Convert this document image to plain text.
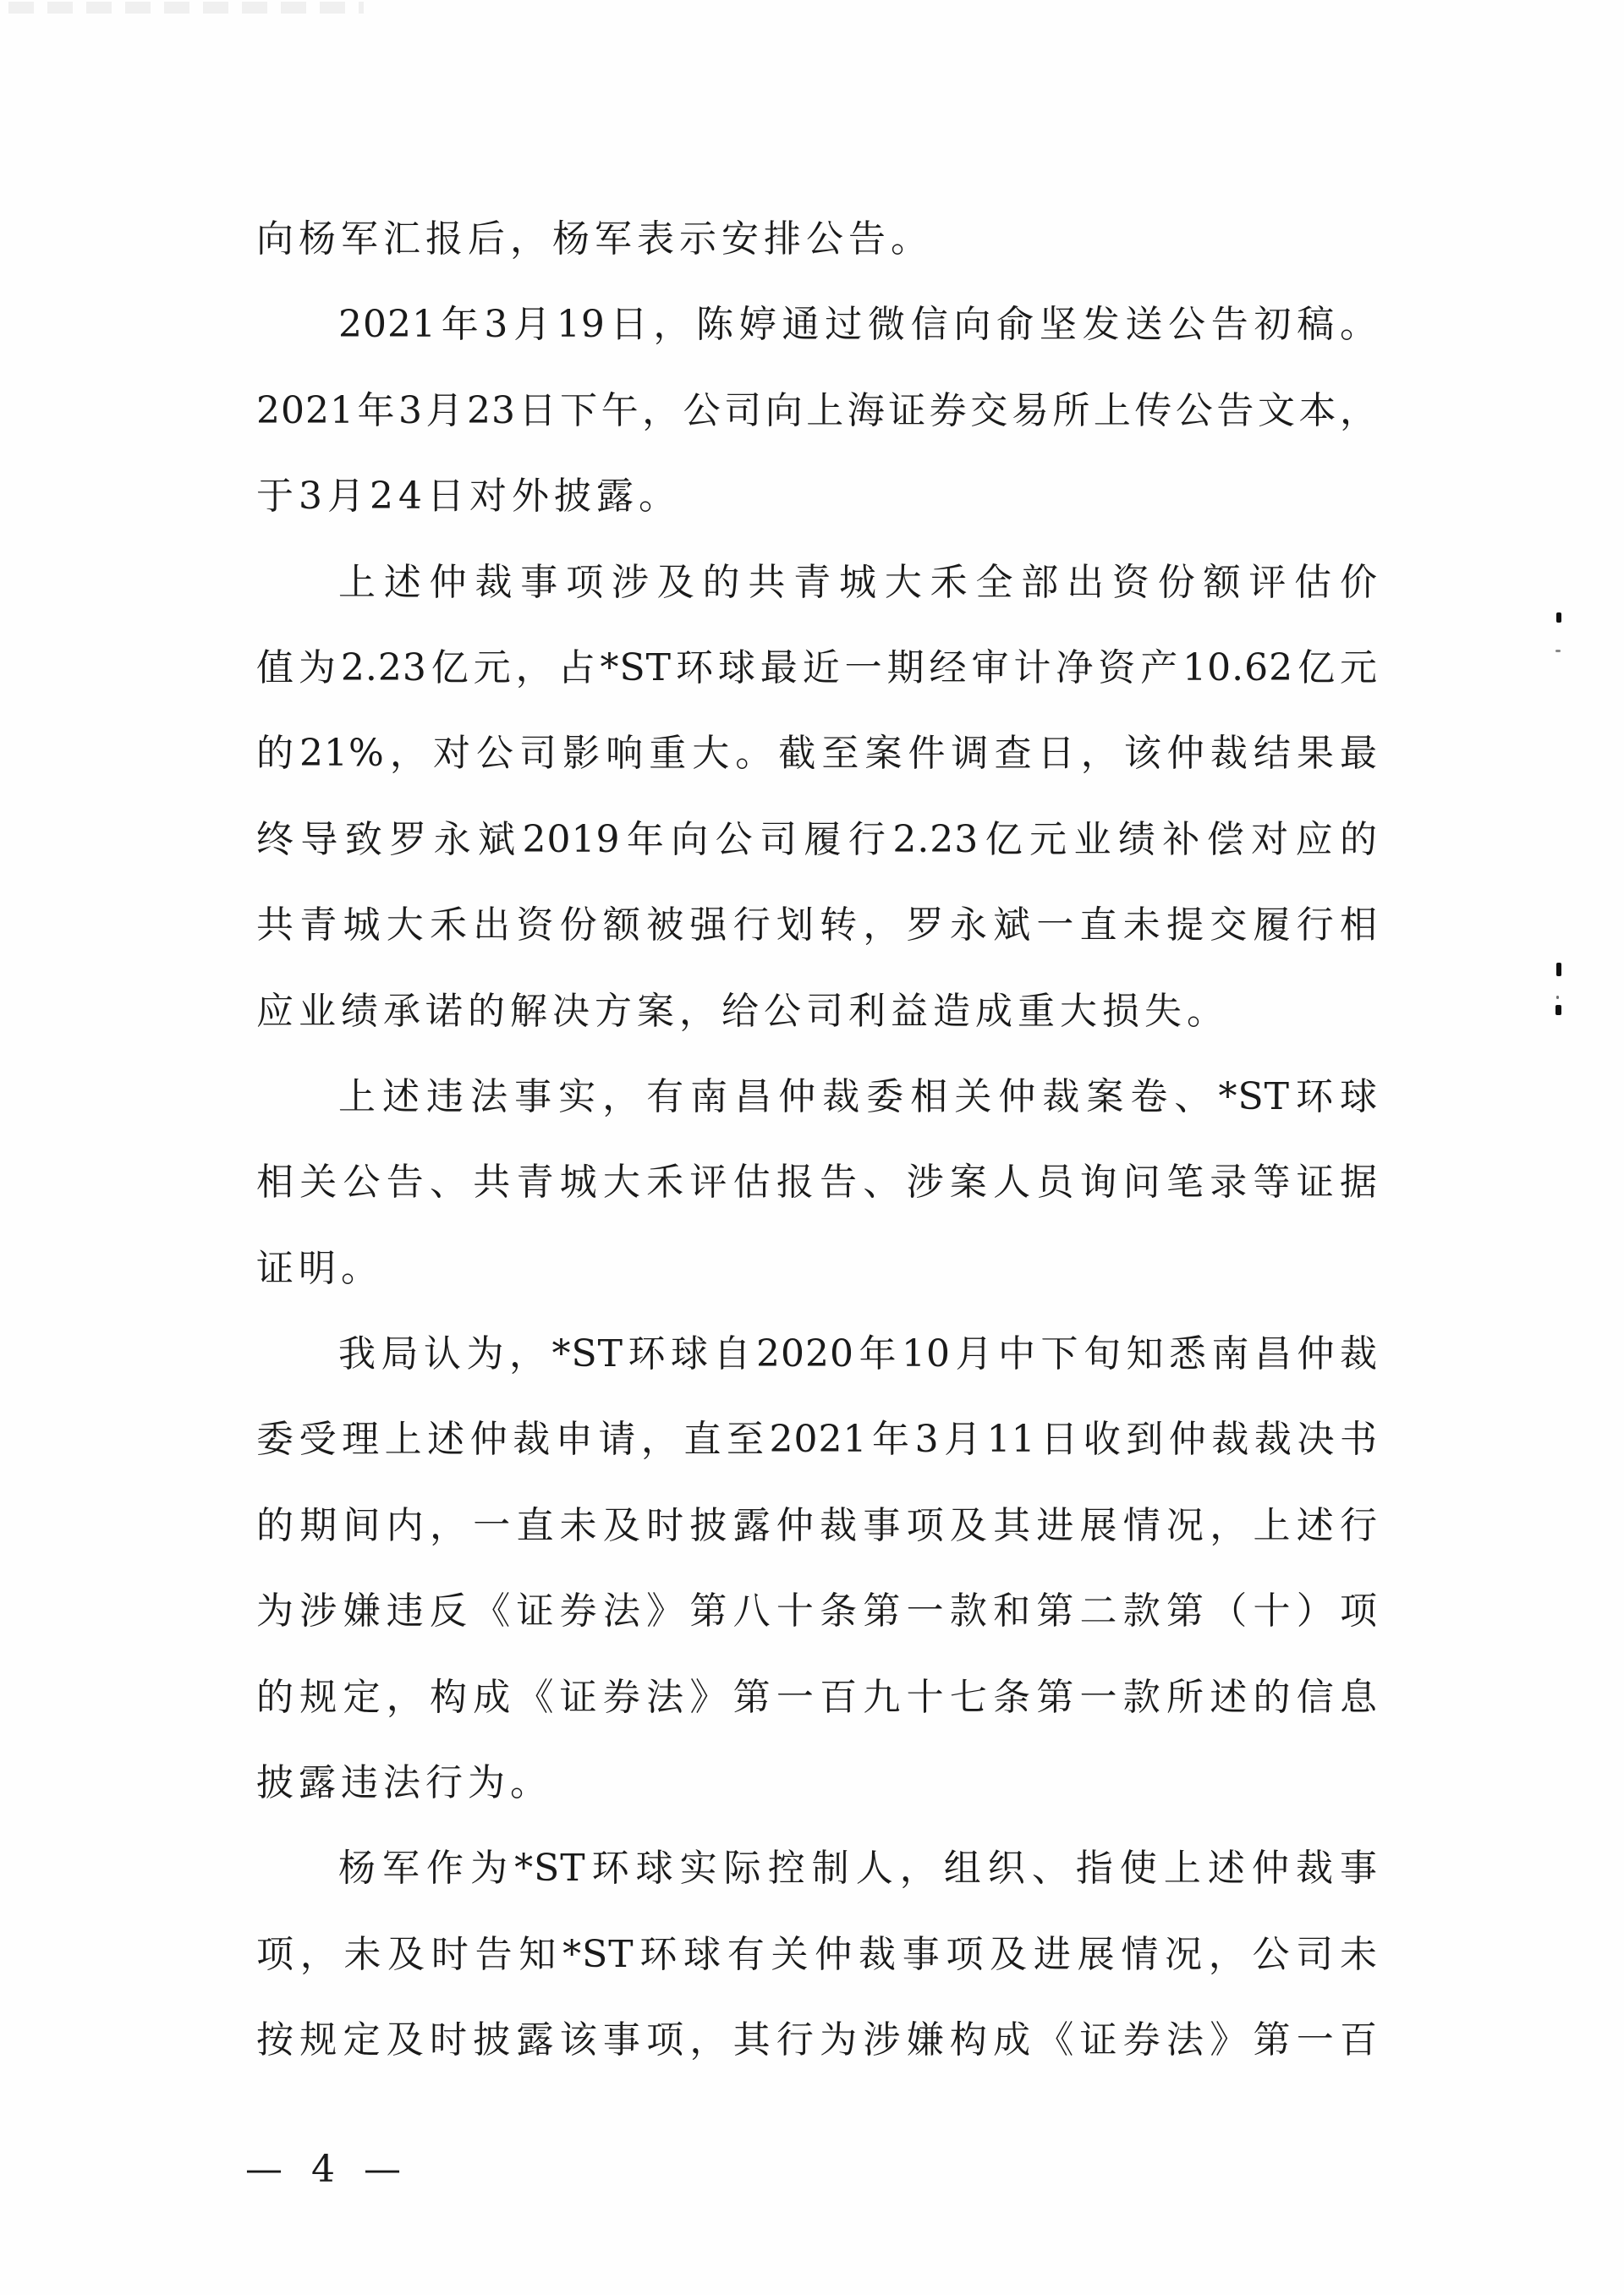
向杨军汇报后，杨军表示安排公告。
2021年3月19日，陈婷通过微信向俞坚发送公告初稿。
2021年3月23日下午，公司向上海证券交易所上传公告文本，
于3月24日对外披露。
上述仲裁事项涉及的共青城大禾全部出资份额评估价
值为2.23亿元，占*ST环球最近一期经审计净资产10.62亿元
的21%，对公司影响重大。截至案件调查日，该仲裁结果最
终导致罗永斌2019年向公司履行2.23亿元业绩补偿对应的
共青城大禾出资份额被强行划转，罗永斌一直未提交履行相
应业绩承诺的解决方案，给公司利益造成重大损失。
上述违法事实，有南昌仲裁委相关仲裁案卷、*ST环球
相关公告、共青城大禾评估报告、涉案人员询问笔录等证据
证明。
我局认为，*ST环球自2020年10月中下旬知悉南昌仲裁
委受理上述仲裁申请，直至2021年3月11日收到仲裁裁决书
的期间内，一直未及时披露仲裁事项及其进展情况，上述行
为涉嫌违反《证券法》第八十条第一款和第二款第（十）项
的规定，构成《证券法》第一百九十七条第一款所述的信息
披露违法行为。
杨军作为*ST环球实际控制人，组织、指使上述仲裁事
项，未及时告知*ST环球有关仲裁事项及进展情况，公司未
按规定及时披露该事项，其行为涉嫌构成《证券法》第一百
— 4 —
